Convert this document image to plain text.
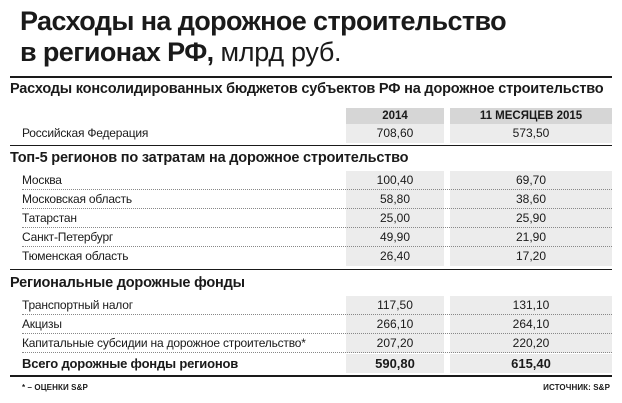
Расходы на дорожное строительство
в регионах РФ, млрд руб.
Расходы консолидированных бюджетов субъектов РФ на дорожное строительство
2014	11 МЕСЯЦЕВ 2015
Российская Федерация	708,60	573,50
Топ-5 регионов по затратам на дорожное строительство
Москва	100,40	69,70
Московская область	58,80	38,60
Татарстан	25,00	25,90
Санкт-Петербург	49,90	21,90
Тюменская область	26,40	17,20
Региональные дорожные фонды
Транспортный налог	117,50	131,10
Акцизы	266,10	264,10
Капитальные субсидии на дорожное строительство*	207,20	220,20
Всего дорожные фонды регионов	590,80	615,40
* – ОЦЕНКИ S&P	ИСТОЧНИК: S&P
